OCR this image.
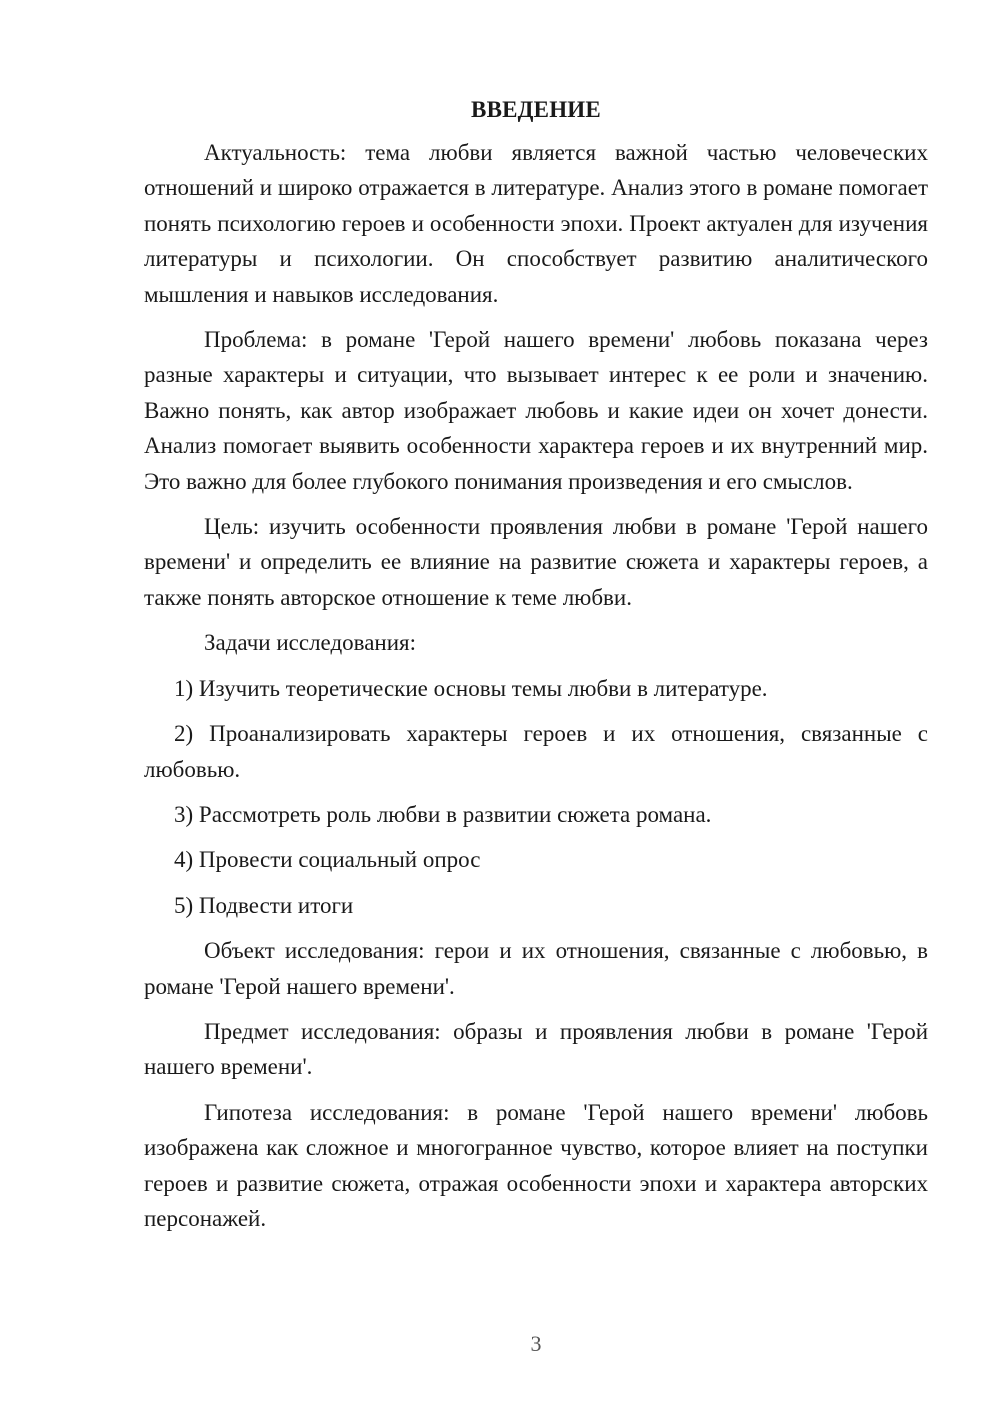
ВВЕДЕНИЕ

Актуальность: тема любви является важной частью человеческих отношений и широко отражается в литературе. Анализ этого в романе помогает понять психологию героев и особенности эпохи. Проект актуален для изучения литературы и психологии. Он способствует развитию аналитического мышления и навыков исследования.

Проблема: в романе 'Герой нашего времени' любовь показана через разные характеры и ситуации, что вызывает интерес к ее роли и значению. Важно понять, как автор изображает любовь и какие идеи он хочет донести. Анализ помогает выявить особенности характера героев и их внутренний мир. Это важно для более глубокого понимания произведения и его смыслов.

Цель: изучить особенности проявления любви в романе 'Герой нашего времени' и определить ее влияние на развитие сюжета и характеры героев, а также понять авторское отношение к теме любви.

Задачи исследования:

1) Изучить теоретические основы темы любви в литературе.

2) Проанализировать характеры героев и их отношения, связанные с любовью.

3) Рассмотреть роль любви в развитии сюжета романа.

4) Провести социальный опрос

5) Подвести итоги

Объект исследования: герои и их отношения, связанные с любовью, в романе 'Герой нашего времени'.

Предмет исследования: образы и проявления любви в романе 'Герой нашего времени'.

Гипотеза исследования: в романе 'Герой нашего времени' любовь изображена как сложное и многогранное чувство, которое влияет на поступки героев и развитие сюжета, отражая особенности эпохи и характера авторских персонажей.

3
